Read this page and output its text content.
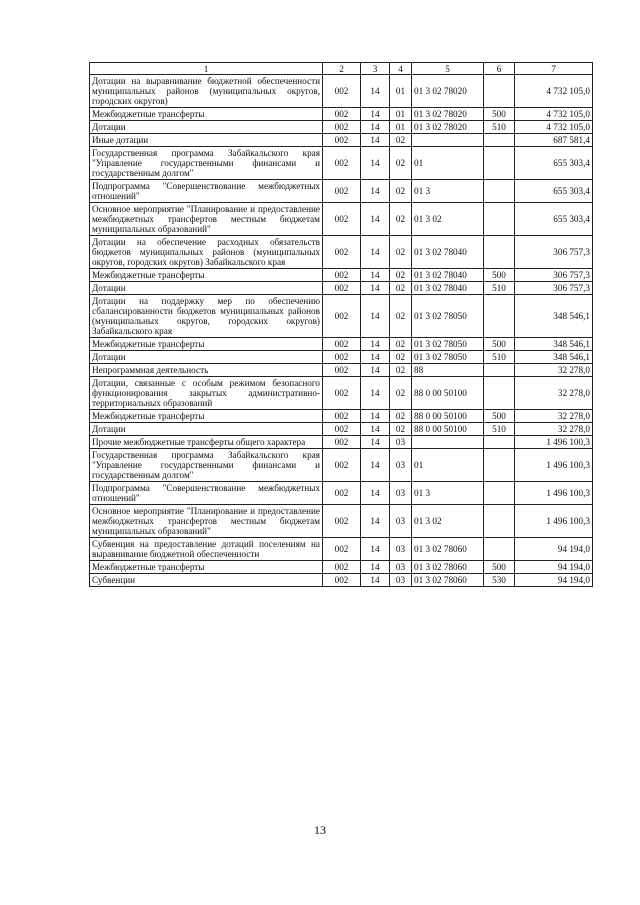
1	2	3	4	5	6	7
Дотации на выравнивание бюджетной обеспеченности муниципальных районов (муниципальных округов, городских округов)	002	14	01	01 3 02 78020		4 732 105,0
Межбюджетные трансферты	002	14	01	01 3 02 78020	500	4 732 105,0
Дотации	002	14	01	01 3 02 78020	510	4 732 105,0
Иные дотации	002	14	02			687 581,4
Государственная программа Забайкальского края "Управление государственными финансами и государственным долгом"	002	14	02	01		655 303,4
Подпрограмма "Совершенствование межбюджетных отношений"	002	14	02	01 3		655 303,4
Основное мероприятие "Планирование и предоставление межбюджетных трансфертов местным бюджетам муниципальных образований"	002	14	02	01 3 02		655 303,4
Дотации на обеспечение расходных обязательств бюджетов муниципальных районов (муниципальных округов, городских округов) Забайкальского края	002	14	02	01 3 02 78040		306 757,3
Межбюджетные трансферты	002	14	02	01 3 02 78040	500	306 757,3
Дотации	002	14	02	01 3 02 78040	510	306 757,3
Дотации на поддержку мер по обеспечению сбалансированности бюджетов муниципальных районов (муниципальных округов, городских округов) Забайкальского края	002	14	02	01 3 02 78050		348 546,1
Межбюджетные трансферты	002	14	02	01 3 02 78050	500	348 546,1
Дотации	002	14	02	01 3 02 78050	510	348 546,1
Непрограммная деятельность	002	14	02	88		32 278,0
Дотации, связанные с особым режимом безопасного функционирования закрытых административно-территориальных образований	002	14	02	88 0 00 50100		32 278,0
Межбюджетные трансферты	002	14	02	88 0 00 50100	500	32 278,0
Дотации	002	14	02	88 0 00 50100	510	32 278,0
Прочие межбюджетные трансферты общего характера	002	14	03			1 496 100,3
Государственная программа Забайкальского края "Управление государственными финансами и государственным долгом"	002	14	03	01		1 496 100,3
Подпрограмма "Совершенствование межбюджетных отношений"	002	14	03	01 3		1 496 100,3
Основное мероприятие "Планирование и предоставление межбюджетных трансфертов местным бюджетам муниципальных образований"	002	14	03	01 3 02		1 496 100,3
Субвенция на предоставление дотаций поселениям на выравнивание бюджетной обеспеченности	002	14	03	01 3 02 78060		94 194,0
Межбюджетные трансферты	002	14	03	01 3 02 78060	500	94 194,0
Субвенции	002	14	03	01 3 02 78060	530	94 194,0
13
